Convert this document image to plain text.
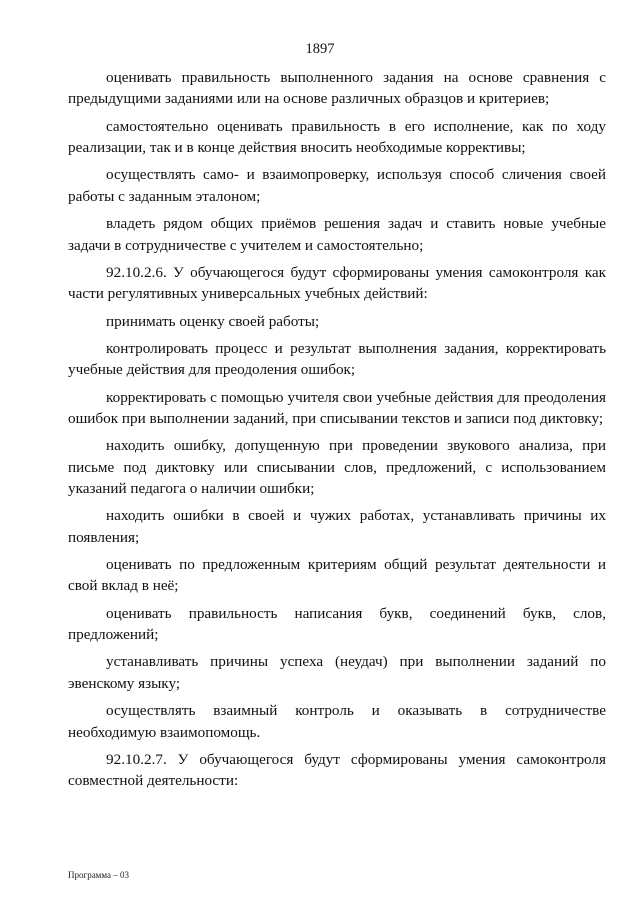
1897

оценивать правильность выполненного задания на основе сравнения с предыдущими заданиями или на основе различных образцов и критериев;

самостоятельно оценивать правильность в его исполнение, как по ходу реализации, так и в конце действия вносить необходимые коррективы;

осуществлять само- и взаимопроверку, используя способ сличения своей работы с заданным эталоном;

владеть рядом общих приёмов решения задач и ставить новые учебные задачи в сотрудничестве с учителем и самостоятельно;

92.10.2.6. У обучающегося будут сформированы умения самоконтроля как части регулятивных универсальных учебных действий:

принимать оценку своей работы;

контролировать процесс и результат выполнения задания, корректировать учебные действия для преодоления ошибок;

корректировать с помощью учителя свои учебные действия для преодоления ошибок при выполнении заданий, при списывании текстов и записи под диктовку;

находить ошибку, допущенную при проведении звукового анализа, при письме под диктовку или списывании слов, предложений, с использованием указаний педагога о наличии ошибки;

находить ошибки в своей и чужих работах, устанавливать причины их появления;

оценивать по предложенным критериям общий результат деятельности и свой вклад в неё;

оценивать правильность написания букв, соединений букв, слов, предложений;

устанавливать причины успеха (неудач) при выполнении заданий по эвенскому языку;

осуществлять взаимный контроль и оказывать в сотрудничестве необходимую взаимопомощь.

92.10.2.7. У обучающегося будут сформированы умения самоконтроля совместной деятельности:

Программа – 03
